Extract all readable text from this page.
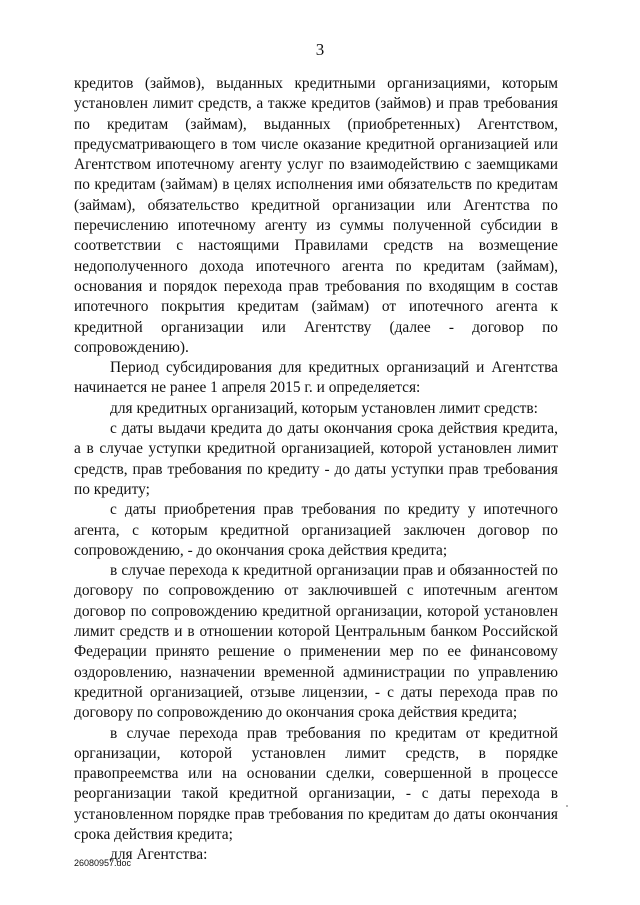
3

кредитов (займов), выданных кредитными организациями, которым установлен лимит средств, а также кредитов (займов) и прав требования по кредитам (займам), выданных (приобретенных) Агентством, предусматривающего в том числе оказание кредитной организацией или Агентством ипотечному агенту услуг по взаимодействию с заемщиками по кредитам (займам) в целях исполнения ими обязательств по кредитам (займам), обязательство кредитной организации или Агентства по перечислению ипотечному агенту из суммы полученной субсидии в соответствии с настоящими Правилами средств на возмещение недополученного дохода ипотечного агента по кредитам (займам), основания и порядок перехода прав требования по входящим в состав ипотечного покрытия кредитам (займам) от ипотечного агента к кредитной организации или Агентству (далее - договор по сопровождению).

Период субсидирования для кредитных организаций и Агентства начинается не ранее 1 апреля 2015 г. и определяется:

для кредитных организаций, которым установлен лимит средств:

с даты выдачи кредита до даты окончания срока действия кредита, а в случае уступки кредитной организацией, которой установлен лимит средств, прав требования по кредиту - до даты уступки прав требования по кредиту;

с даты приобретения прав требования по кредиту у ипотечного агента, с которым кредитной организацией заключен договор по сопровождению, - до окончания срока действия кредита;

в случае перехода к кредитной организации прав и обязанностей по договору по сопровождению от заключившей с ипотечным агентом договор по сопровождению кредитной организации, которой установлен лимит средств и в отношении которой Центральным банком Российской Федерации принято решение о применении мер по ее финансовому оздоровлению, назначении временной администрации по управлению кредитной организацией, отзыве лицензии, - с даты перехода прав по договору по сопровождению до окончания срока действия кредита;

в случае перехода прав требования по кредитам от кредитной организации, которой установлен лимит средств, в порядке правопреемства или на основании сделки, совершенной в процессе реорганизации такой кредитной организации, - с даты перехода в установленном порядке прав требования по кредитам до даты окончания срока действия кредита;

для Агентства:

26080957.doc
